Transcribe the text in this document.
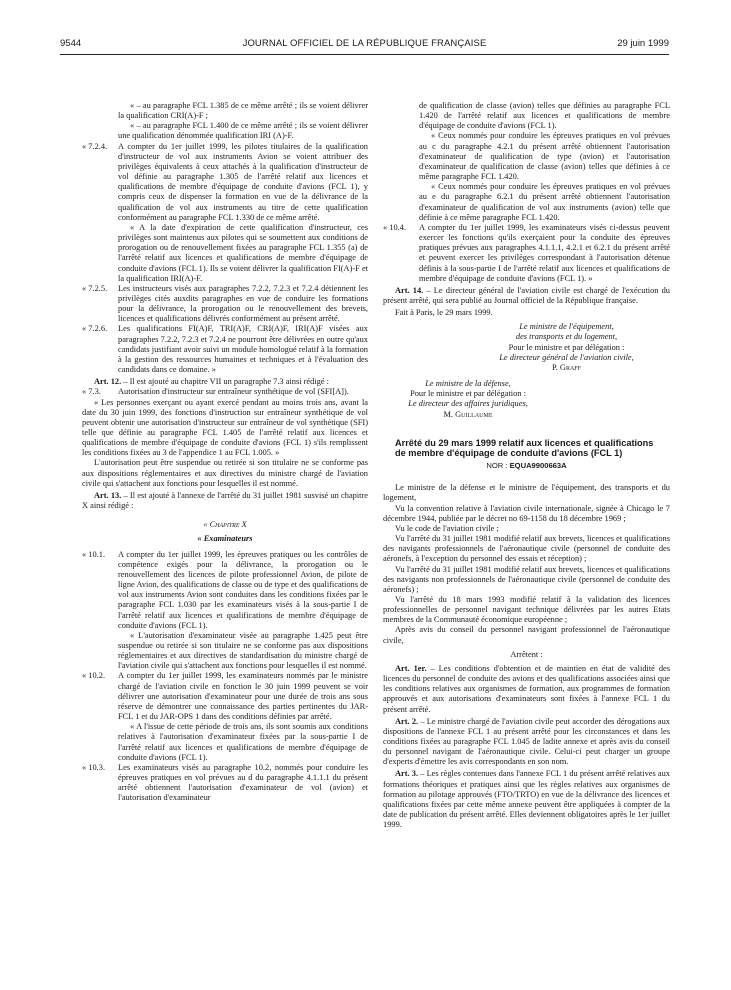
9544	JOURNAL OFFICIEL DE LA RÉPUBLIQUE FRANÇAISE	29 juin 1999

« – au paragraphe FCL 1.385 de ce même arrêté ; ils se voient délivrer la qualification CRI(A)-F ;

« – au paragraphe FCL 1.400 de ce même arrêté ; ils se voient délivrer une qualification dénommée qualification IRI (A)-F.

« 7.2.4. A compter du 1er juillet 1999, les pilotes titulaires de la qualification d'instructeur de vol aux instruments Avion se voient attribuer des privilèges équivalents à ceux attachés à la qualification d'instructeur de vol définie au paragraphe 1.305 de l'arrêté relatif aux licences et qualifications de membre d'équipage de conduite d'avions (FCL 1), y compris ceux de dispenser la formation en vue de la délivrance de la qualification de vol aux instruments au titre de cette qualification conformément au paragraphe FCL 1.330 de ce même arrêté.

« A la date d'expiration de cette qualification d'instructeur, ces privilèges sont maintenus aux pilotes qui se soumettent aux conditions de prorogation ou de renouvellement fixées au paragraphe FCL 1.355 (a) de l'arrêté relatif aux licences et qualifications de membre d'équipage de conduite d'avions (FCL 1). Ils se voient délivrer la qualification FI(A)-F et la qualification IRI(A)-F.

« 7.2.5. Les instructeurs visés aux paragraphes 7.2.2, 7.2.3 et 7.2.4 détiennent les privilèges cités auxdits paragraphes en vue de conduire les formations pour la délivrance, la prorogation ou le renouvellement des brevets, licences et qualifications délivrés conformément au présent arrêté.

« 7.2.6. Les qualifications FI(A)F, TRI(A)F, CRI(A)F, IRI(A)F visées aux paragraphes 7.2.2, 7.2.3 et 7.2.4 ne pourront être délivrées en outre qu'aux candidats justifiant avoir suivi un module homologué relatif à la formation à la gestion des ressources humaines et techniques et à l'évaluation des candidats dans ce domaine. »

Art. 12. – Il est ajouté au chapitre VII un paragraphe 7.3 ainsi rédigé :

« 7.3. Autorisation d'instructeur sur entraîneur synthétique de vol (SFI[A]).

« Les personnes exerçant ou ayant exercé pendant au moins trois ans, avant la date du 30 juin 1999, des fonctions d'instruction sur entraîneur synthétique de vol peuvent obtenir une autorisation d'instructeur sur entraîneur de vol synthétique (SFI) telle que définie au paragraphe FCL 1.405 de l'arrêté relatif aux licences et qualifications de membre d'équipage de conduite d'avions (FCL 1) s'ils remplissent les conditions fixées au 3 de l'appendice 1 au FCL 1.005. »

L'autorisation peut être suspendue ou retirée si son titulaire ne se conforme pas aux dispositions réglementaires et aux directives du ministre chargé de l'aviation civile qui s'attachent aux fonctions pour lesquelles il est nommé.

Art. 13. – Il est ajouté à l'annexe de l'arrêté du 31 juillet 1981 susvisé un chapitre X ainsi rédigé :

« Chapitre X

« Examinateurs

« 10.1. A compter du 1er juillet 1999, les épreuves pratiques ou les contrôles de compétence exigés pour la délivrance, la prorogation ou le renouvellement des licences de pilote professionnel Avion, de pilote de ligne Avion, des qualifications de classe ou de type et des qualifications de vol aux instruments Avion sont conduites dans les conditions fixées par le paragraphe FCL 1.030 par les examinateurs visés à la sous-partie I de l'arrêté relatif aux licences et qualifications de membre d'équipage de conduite d'avions (FCL 1).

« L'autorisation d'examinateur visée au paragraphe 1.425 peut être suspendue ou retirée si son titulaire ne se conforme pas aux dispositions réglementaires et aux directives de standardisation du ministre chargé de l'aviation civile qui s'attachent aux fonctions pour lesquelles il est nommé.

« 10.2. A compter du 1er juillet 1999, les examinateurs nommés par le ministre chargé de l'aviation civile en fonction le 30 juin 1999 peuvent se voir délivrer une autorisation d'examinateur pour une durée de trois ans sous réserve de démontrer une connaissance des parties pertinentes du JAR-FCL 1 et du JAR-OPS 1 dans des conditions définies par arrêté.

« A l'issue de cette période de trois ans, ils sont soumis aux conditions relatives à l'autorisation d'examinateur fixées par la sous-partie I de l'arrêté relatif aux licences et qualifications de membre d'équipage de conduite d'avions (FCL 1).

« 10.3. Les examinateurs visés au paragraphe 10.2, nommés pour conduire les épreuves pratiques en vol prévues au d du paragraphe 4.1.1.1 du présent arrêté obtiennent l'autorisation d'examinateur de vol (avion) et l'autorisation d'examinateur

de qualification de classe (avion) telles que définies au paragraphe FCL 1.420 de l'arrêté relatif aux licences et qualifications de membre d'équipage de conduite d'avions (FCL 1).

« Ceux nommés pour conduire les épreuves pratiques en vol prévues au c du paragraphe 4.2.1 du présent arrêté obtiennent l'autorisation d'examinateur de qualification de type (avion) et l'autorisation d'examinateur de qualification de classe (avion) telles que définies à ce même paragraphe FCL 1.420.

« Ceux nommés pour conduire les épreuves pratiques en vol prévues au e du paragraphe 6.2.1 du présent arrêté obtiennent l'autorisation d'examinateur de qualification de vol aux instruments (avion) telle que définie à ce même paragraphe FCL 1.420.

« 10.4. A compter du 1er juillet 1999, les examinateurs visés ci-dessus peuvent exercer les fonctions qu'ils exerçaient pour la conduite des épreuves pratiques prévues aux paragraphes 4.1.1.1, 4.2.1 et 6.2.1 du présent arrêté et peuvent exercer les privilèges correspondant à l'autorisation détenue définis à la sous-partie I de l'arrêté relatif aux licences et qualifications de membre d'équipage de conduite d'avions (FCL 1). »

Art. 14. – Le directeur général de l'aviation civile est chargé de l'exécution du présent arrêté, qui sera publié au Journal officiel de la République française.

Fait à Paris, le 29 mars 1999.

Le ministre de l'équipement,

des transports et du logement,

Pour le ministre et par délégation :

Le directeur général de l'aviation civile,

P. Graff

Le ministre de la défense,

Pour le ministre et par délégation :

Le directeur des affaires juridiques,

M. Guillaume

Arrêté du 29 mars 1999 relatif aux licences et qualifications de membre d'équipage de conduite d'avions (FCL 1)

NOR : EQUA9900663A

Le ministre de la défense et le ministre de l'équipement, des transports et du logement,

Vu la convention relative à l'aviation civile internationale, signée à Chicago le 7 décembre 1944, publiée par le décret no 69-1158 du 18 décembre 1969 ;

Vu le code de l'aviation civile ;

Vu l'arrêté du 31 juillet 1981 modifié relatif aux brevets, licences et qualifications des navigants professionnels de l'aéronautique civile (personnel de conduite des aéronefs, à l'exception du personnel des essais et réception) ;

Vu l'arrêté du 31 juillet 1981 modifié relatif aux brevets, licences et qualifications des navigants non professionnels de l'aéronautique civile (personnel de conduite des aéronefs) ;

Vu l'arrêté du 18 mars 1993 modifié relatif à la validation des licences professionnelles de personnel navigant technique délivrées par les autres Etats membres de la Communauté économique européenne ;

Après avis du conseil du personnel navigant professionnel de l'aéronautique civile,

Arrêtent :

Art. 1er. – Les conditions d'obtention et de maintien en état de validité des licences du personnel de conduite des avions et des qualifications associées ainsi que les conditions relatives aux organismes de formation, aux programmes de formation approuvés et aux autorisations d'examinateurs sont fixées à l'annexe FCL 1 du présent arrêté.

Art. 2. – Le ministre chargé de l'aviation civile peut accorder des dérogations aux dispositions de l'annexe FCL 1 au présent arrêté pour les circonstances et dans les conditions fixées au paragraphe FCL 1.045 de ladite annexe et après avis du conseil du personnel navigant de l'aéronautique civile. Celui-ci peut charger un groupe d'experts d'émettre les avis correspondants en son nom.

Art. 3. – Les règles contenues dans l'annexe FCL 1 du présent arrêté relatives aux formations théoriques et pratiques ainsi que les règles relatives aux organismes de formation au pilotage approuvés (FTO/TRTO) en vue de la délivrance des licences et qualifications fixées par cette même annexe peuvent être appliquées à compter de la date de publication du présent arrêté. Elles deviennent obligatoires après le 1er juillet 1999.
